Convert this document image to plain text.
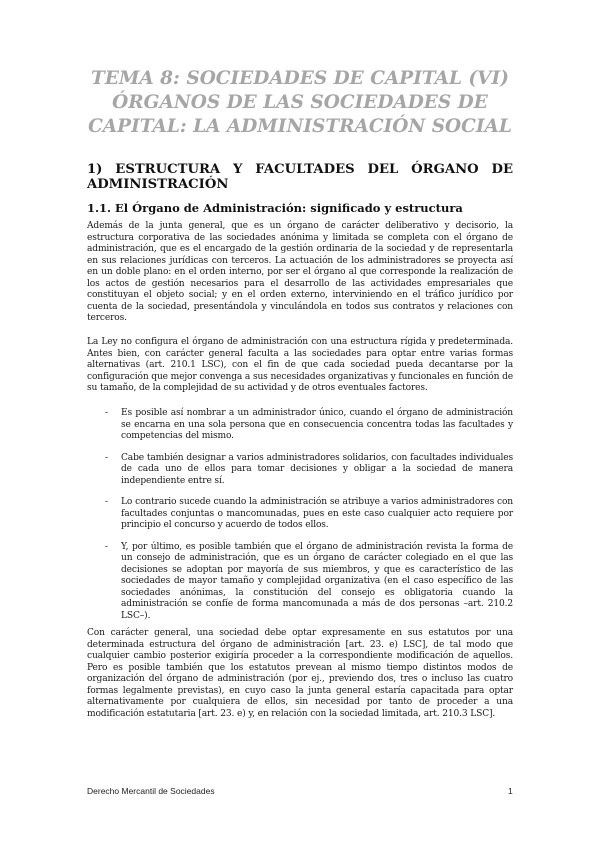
TEMA 8: SOCIEDADES DE CAPITAL (VI) ÓRGANOS DE LAS SOCIEDADES DE CAPITAL: LA ADMINISTRACIÓN SOCIAL
1) ESTRUCTURA Y FACULTADES DEL ÓRGANO DE ADMINISTRACIÓN
1.1. El Órgano de Administración: significado y estructura

Además de la junta general, que es un órgano de carácter deliberativo y decisorio, la estructura corporativa de las sociedades anónima y limitada se completa con el órgano de administración, que es el encargado de la gestión ordinaria de la sociedad y de representarla en sus relaciones jurídicas con terceros. La actuación de los administradores se proyecta así en un doble plano: en el orden interno, por ser el órgano al que corresponde la realización de los actos de gestión necesarios para el desarrollo de las actividades empresariales que constituyan el objeto social; y en el orden externo, interviniendo en el tráfico jurídico por cuenta de la sociedad, presentándola y vinculándola en todos sus contratos y relaciones con terceros.

La Ley no configura el órgano de administración con una estructura rígida y predeterminada. Antes bien, con carácter general faculta a las sociedades para optar entre varias formas alternativas (art. 210.1 LSC), con el fin de que cada sociedad pueda decantarse por la configuración que mejor convenga a sus necesidades organizativas y funcionales en función de su tamaño, de la complejidad de su actividad y de otros eventuales factores.

- Es posible así nombrar a un administrador único, cuando el órgano de administración se encarna en una sola persona que en consecuencia concentra todas las facultades y competencias del mismo.

- Cabe también designar a varios administradores solidarios, con facultades individuales de cada uno de ellos para tomar decisiones y obligar a la sociedad de manera independiente entre sí.

- Lo contrario sucede cuando la administración se atribuye a varios administradores con facultades conjuntas o mancomunadas, pues en este caso cualquier acto requiere por principio el concurso y acuerdo de todos ellos.

- Y, por último, es posible también que el órgano de administración revista la forma de un consejo de administración, que es un órgano de carácter colegiado en el que las decisiones se adoptan por mayoría de sus miembros, y que es característico de las sociedades de mayor tamaño y complejidad organizativa (en el caso específico de las sociedades anónimas, la constitución del consejo es obligatoria cuando la administración se confíe de forma mancomunada a más de dos personas –art. 210.2 LSC–).

Con carácter general, una sociedad debe optar expresamente en sus estatutos por una determinada estructura del órgano de administración [art. 23. e) LSC], de tal modo que cualquier cambio posterior exigiría proceder a la correspondiente modificación de aquellos. Pero es posible también que los estatutos prevean al mismo tiempo distintos modos de organización del órgano de administración (por ej., previendo dos, tres o incluso las cuatro formas legalmente previstas), en cuyo caso la junta general estaría capacitada para optar alternativamente por cualquiera de ellos, sin necesidad por tanto de proceder a una modificación estatutaria [art. 23. e) y, en relación con la sociedad limitada, art. 210.3 LSC].

Derecho Mercantil de Sociedades	1
